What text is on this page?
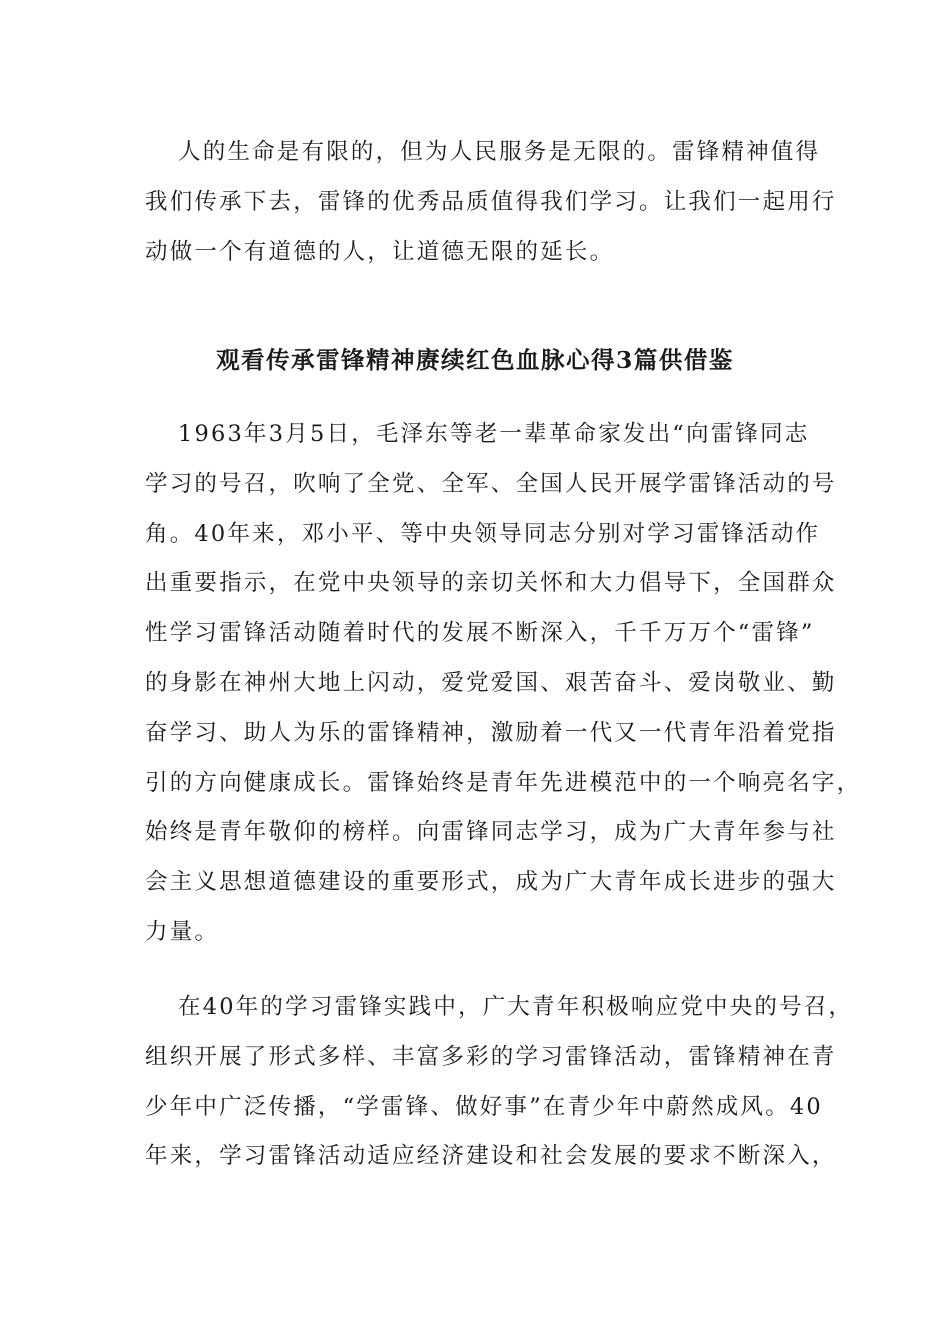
人的生命是有限的，但为人民服务是无限的。雷锋精神值得
我们传承下去，雷锋的优秀品质值得我们学习。让我们一起用行
动做一个有道德的人，让道德无限的延长。
观看传承雷锋精神赓续红色血脉心得3篇供借鉴
1963年3月5日，毛泽东等老一辈革命家发出“向雷锋同志
学习的号召，吹响了全党、全军、全国人民开展学雷锋活动的号
角。40年来，邓小平、等中央领导同志分别对学习雷锋活动作
出重要指示，在党中央领导的亲切关怀和大力倡导下，全国群众
性学习雷锋活动随着时代的发展不断深入，千千万万个“雷锋”
的身影在神州大地上闪动，爱党爱国、艰苦奋斗、爱岗敬业、勤
奋学习、助人为乐的雷锋精神，激励着一代又一代青年沿着党指
引的方向健康成长。雷锋始终是青年先进模范中的一个响亮名字，
始终是青年敬仰的榜样。向雷锋同志学习，成为广大青年参与社
会主义思想道德建设的重要形式，成为广大青年成长进步的强大
力量。
在40年的学习雷锋实践中，广大青年积极响应党中央的号召，
组织开展了形式多样、丰富多彩的学习雷锋活动，雷锋精神在青
少年中广泛传播，“学雷锋、做好事”在青少年中蔚然成风。40
年来，学习雷锋活动适应经济建设和社会发展的要求不断深入，
